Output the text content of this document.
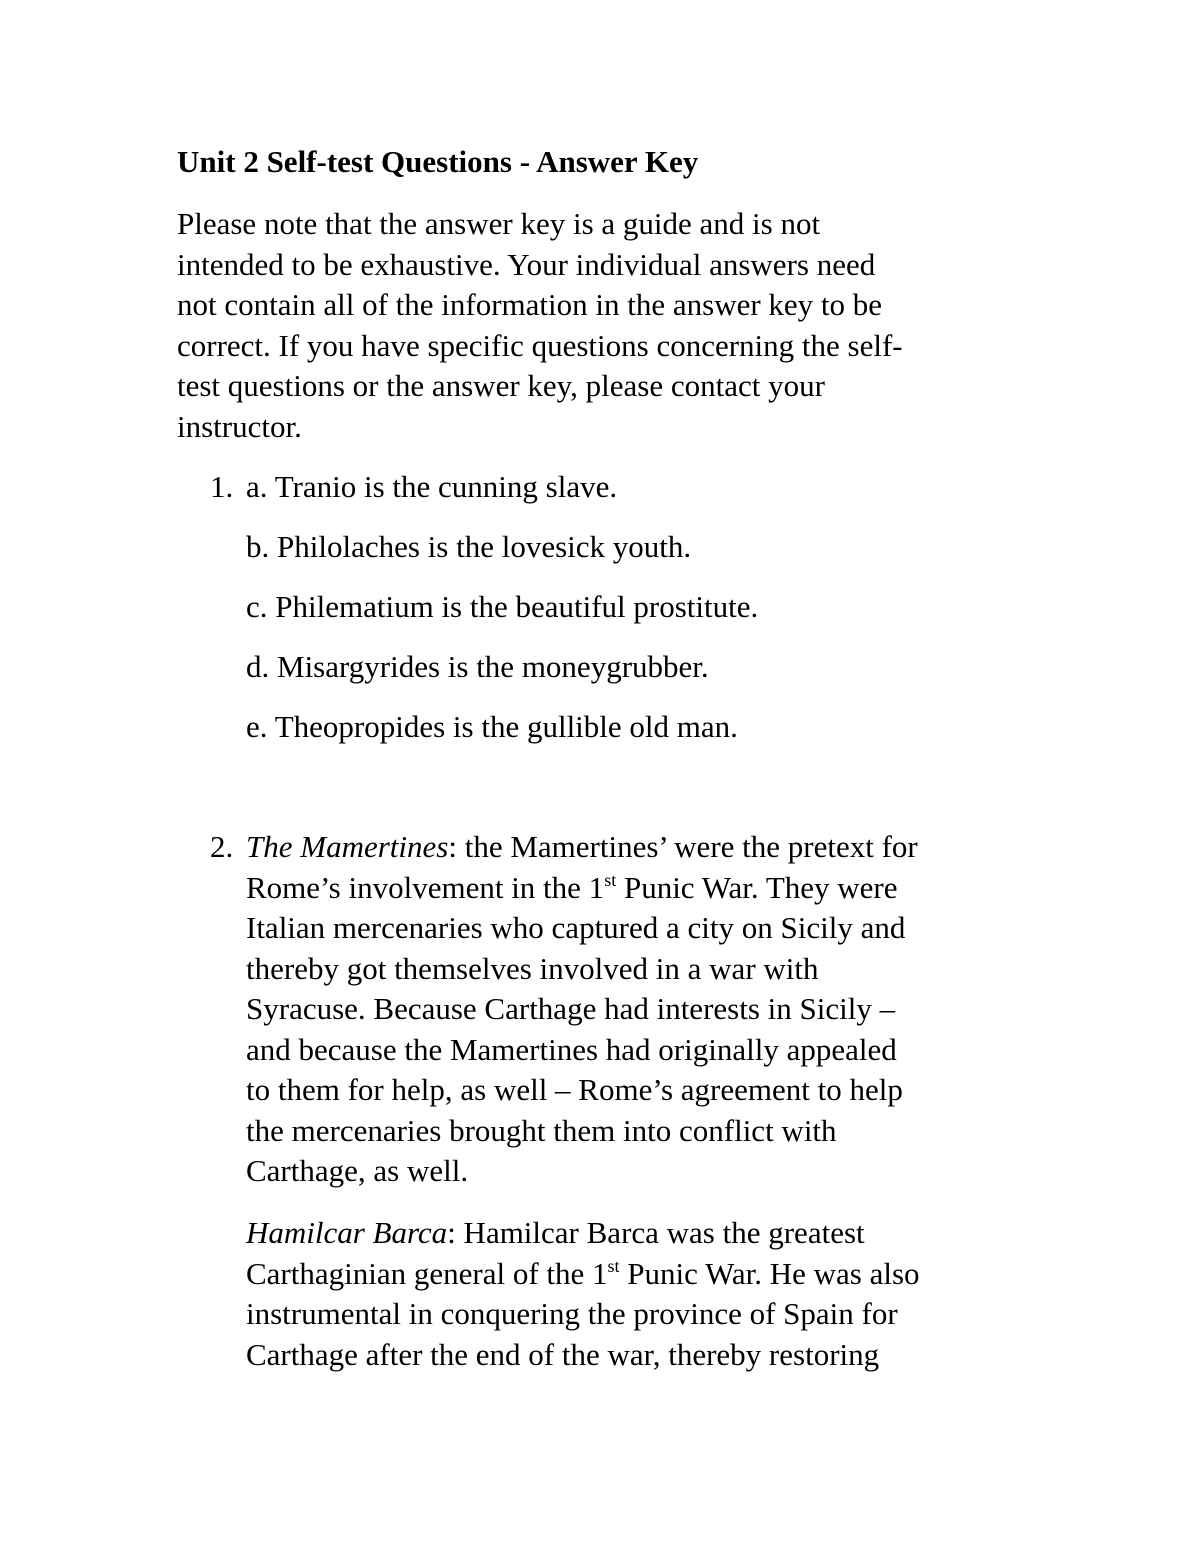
Unit 2 Self-test Questions - Answer Key

Please note that the answer key is a guide and is not
intended to be exhaustive. Your individual answers need
not contain all of the information in the answer key to be
correct. If you have specific questions concerning the self-
test questions or the answer key, please contact your
instructor.

1. a. Tranio is the cunning slave.
b. Philolaches is the lovesick youth.
c. Philematium is the beautiful prostitute.
d. Misargyrides is the moneygrubber.
e. Theopropides is the gullible old man.
2. The Mamertines: the Mamertines’ were the pretext for
Rome’s involvement in the 1st Punic War. They were
Italian mercenaries who captured a city on Sicily and
thereby got themselves involved in a war with
Syracuse. Because Carthage had interests in Sicily –
and because the Mamertines had originally appealed
to them for help, as well – Rome’s agreement to help
the mercenaries brought them into conflict with
Carthage, as well.

Hamilcar Barca: Hamilcar Barca was the greatest
Carthaginian general of the 1st Punic War. He was also
instrumental in conquering the province of Spain for
Carthage after the end of the war, thereby restoring
